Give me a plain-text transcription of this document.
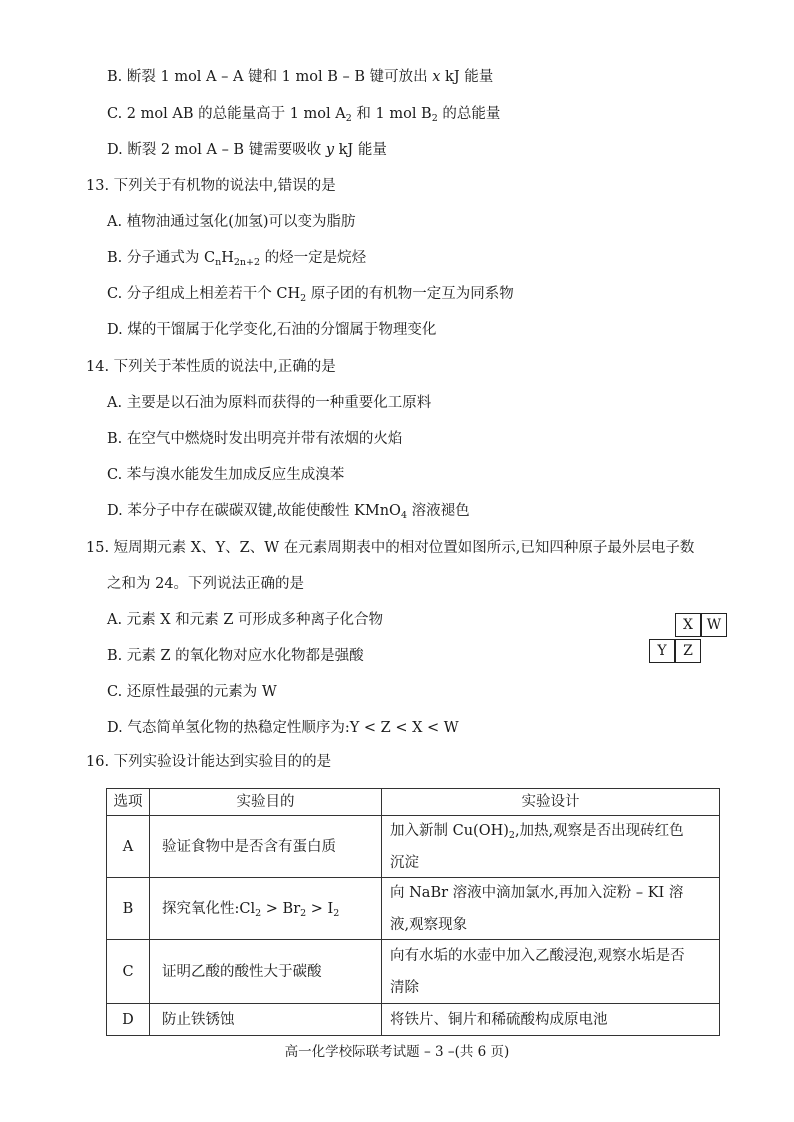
B. 断裂 1 mol A – A 键和 1 mol B – B 键可放出 x kJ 能量
C. 2 mol AB 的总能量高于 1 mol $A_2$ 和 1 mol $B_2$ 的总能量
D. 断裂 2 mol A – B 键需要吸收 y kJ 能量
13. 下列关于有机物的说法中,错误的是
A. 植物油通过氢化(加氢)可以变为脂肪
B. 分子通式为 $C_nH_{2n+2}$ 的烃一定是烷烃
C. 分子组成上相差若干个 $CH_2$ 原子团的有机物一定互为同系物
D. 煤的干馏属于化学变化,石油的分馏属于物理变化
14. 下列关于苯性质的说法中,正确的是
A. 主要是以石油为原料而获得的一种重要化工原料
B. 在空气中燃烧时发出明亮并带有浓烟的火焰
C. 苯与溴水能发生加成反应生成溴苯
D. 苯分子中存在碳碳双键,故能使酸性 KMnO$_4$ 溶液褪色
15. 短周期元素 X、Y、Z、W 在元素周期表中的相对位置如图所示,已知四种原子最外层电子数
之和为 24。下列说法正确的是
A. 元素 X 和元素 Z 可形成多种离子化合物
B. 元素 Z 的氧化物对应水化物都是强酸
C. 还原性最强的元素为 W
D. 气态简单氢化物的热稳定性顺序为:Y < Z < X < W
X W
Y	Z
16. 下列实验设计能达到实验目的的是
选项	实验目的	实验设计
A	验证食物中是否含有蛋白质	加入新制 $Cu(OH)_2$,加热,观察是否出现砖红色
沉淀

B	探究氧化性$:Cl_2 > Br_2 > I_2$	向 NaBr 溶液中滴加氯水,再加入淀粉 – KI 溶
液,观察现象

C	证明乙酸的酸性大于碳酸	向有水垢的水壶中加入乙酸浸泡,观察水垢是否
清除

D	防止铁锈蚀	将铁片、铜片和稀硫酸构成原电池
高一化学校际联考试题 – 3 –(共 6 页)
